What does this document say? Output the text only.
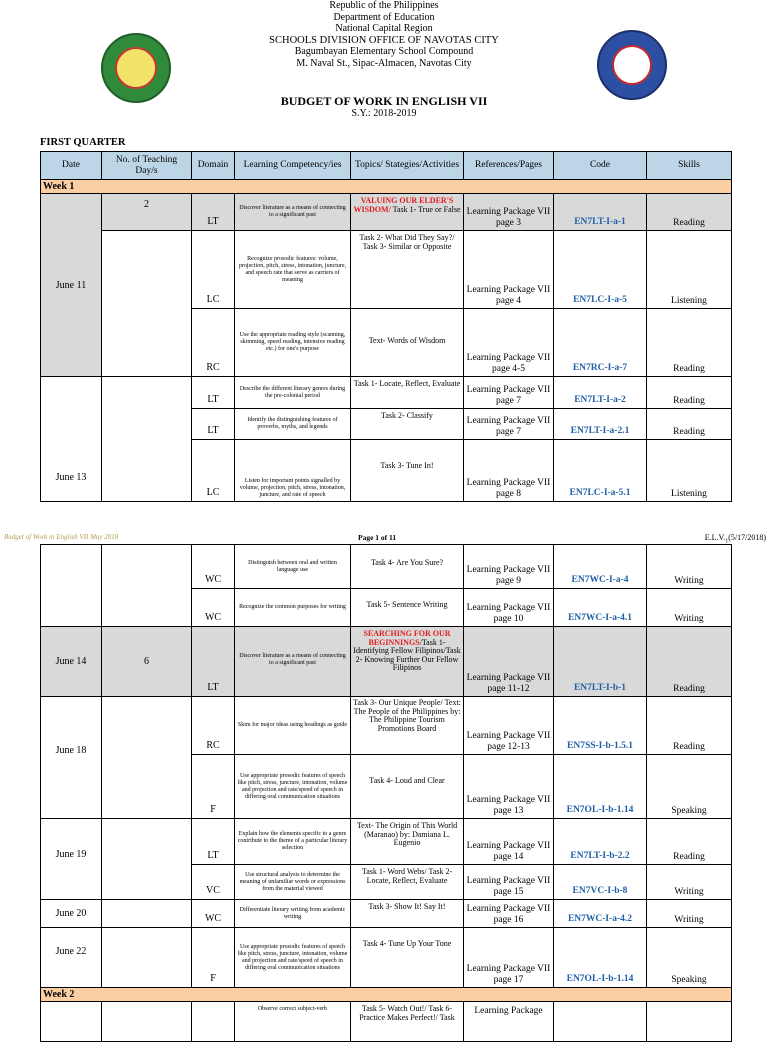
Republic of the Philippines
Department of Education
National Capital Region
SCHOOLS DIVISION OFFICE OF NAVOTAS CITY
Bagumbayan Elementary School Compound
M. Naval St., Sipac-Almacen, Navotas City
BUDGET OF WORK IN ENGLISH VII
S.Y.: 2018-2019
FIRST QUARTER
Date	No. of Teaching Day/s	Domain	Learning Competency/ies	Topics/ Stategies/Activities	References/Pages	Code	Skills
Week 1							
June 11	2	LT	Discover literature as a means of connecting to a significant past	VALUING OUR ELDER'S WISDOM/ Task 1- True or False	Learning Package VII page 3	EN7LT-I-a-1	Reading
		LC	Recognize prosodic features: volume, projection, pitch, stress, intonation, juncture, and speech rate that serve as carriers of meaning	Task 2- What Did They Say?/ Task 3- Similar or Opposite	Learning Package VII page 4	EN7LC-I-a-5	Listening
		RC	Use the appropriate reading style (scanning, skimming, speed reading, intensive reading etc.) for one's purpose	Text- Words of Wisdom	Learning Package VII page 4-5	EN7RC-I-a-7	Reading
June 13		LT	Describe the different literary genres during the pre-colonial period	Task 1- Locate, Reflect, Evaluate	Learning Package VII page 7	EN7LT-I-a-2	Reading
		LT	Identify the distinguishing features of proverbs, myths, and legends	Task 2- Classify	Learning Package VII page 7	EN7LT-I-a-2.1	Reading
		LC	Listen for important points signalled by volume, projection, pitch, stress, intonation, juncture, and rate of speech	Task 3- Tune In!	Learning Package VII page 8	EN7LC-I-a-5.1	Listening
Budget of Work in English VII May 2018	Page 1 of 11	$E.L.V._1(5/17/2018)$
		WC	Distinguish between oral and written language use	Task 4- Are You Sure?	Learning Package VII page 9	EN7WC-I-a-4	Writing
		WC	Recognize the common purposes for writing	Task 5- Sentence Writing	Learning Package VII page 10	EN7WC-I-a-4.1	Writing
June 14	6	LT	Discover literature as a means of connecting to a significant past	SEARCHING FOR OUR BEGINNINGS/Task 1- Identifying Fellow Filipinos/Task 2- Knowing Further Our Fellow Filipinos	Learning Package VII page 11-12	EN7LT-I-b-1	Reading
June 18		RC	Skim for major ideas using headings as guide	Task 3- Our Unique People/ Text: The People of the Philippines by: The Philippine Tourism Promotions Board	Learning Package VII page 12-13	EN7SS-I-b-1.5.1	Reading
		F	Use appropriate prosodic features of speech like pitch, stress, juncture, intonation, volume and projection and rate/speed of speech in differing oral communication situations	Task 4- Loud and Clear	Learning Package VII page 13	EN7OL-I-b-1.14	Speaking
June 19		LT	Explain how the elements specific to a genre contribute to the theme of a particular literary selection	Text- The Origin of This World (Maranao) by: Damiana L. Eugenio	Learning Package VII page 14	EN7LT-I-b-2.2	Reading
		VC	Use structural analysis to determine the meaning of unfamiliar words or expressions from the material viewed	Task 1- Word Webs/ Task 2- Locate, Reflect, Evaluate	Learning Package VII page 15	EN7VC-I-b-8	Writing
June 20		WC	Differentiate literary writing from academic writing	Task 3- Show It! Say It!	Learning Package VII page 16	EN7WC-I-a-4.2	Writing
June 22		F	Use appropriate prosodic features of speech like pitch, stress, juncture, intonation, volume and projection and rate/speed of speech in differing oral communication situations	Task 4- Tune Up Your Tone	Learning Package VII page 17	EN7OL-I-b-1.14	Speaking
Week 2							
			Observe correct subject-verb	Task 5- Watch Out!/ Task 6- Practice Makes Perfect!/ Task	Learning Package		
